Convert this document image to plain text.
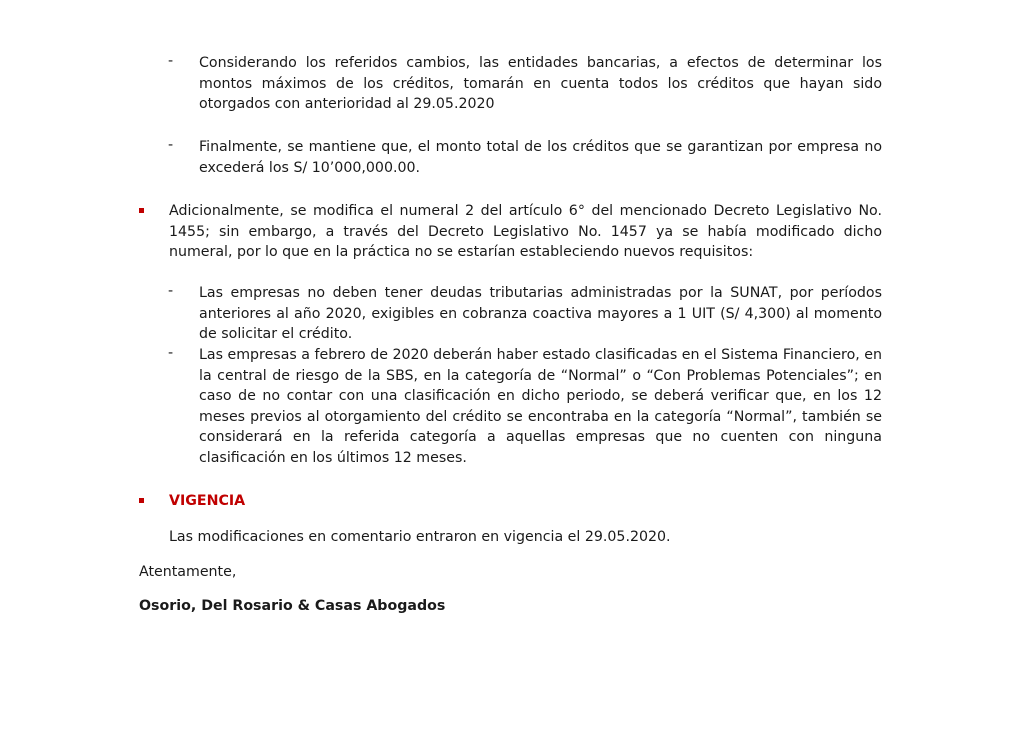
- Considerando los referidos cambios, las entidades bancarias, a efectos de determinar los montos máximos de los créditos, tomarán en cuenta todos los créditos que hayan sido otorgados con anterioridad al 29.05.2020
- Finalmente, se mantiene que, el monto total de los créditos que se garantizan por empresa no excederá los S/ 10’000,000.00.
Adicionalmente, se modifica el numeral 2 del artículo 6° del mencionado Decreto Legislativo No. 1455; sin embargo, a través del Decreto Legislativo No. 1457 ya se había modificado dicho numeral, por lo que en la práctica no se estarían estableciendo nuevos requisitos:
- Las empresas no deben tener deudas tributarias administradas por la SUNAT, por períodos anteriores al año 2020, exigibles en cobranza coactiva mayores a 1 UIT (S/ 4,300) al momento de solicitar el crédito.
- Las empresas a febrero de 2020 deberán haber estado clasificadas en el Sistema Financiero, en la central de riesgo de la SBS, en la categoría de “Normal” o “Con Problemas Potenciales”; en caso de no contar con una clasificación en dicho periodo, se deberá verificar que, en los 12 meses previos al otorgamiento del crédito se encontraba en la categoría “Normal”, también se considerará en la referida categoría a aquellas empresas que no cuenten con ninguna clasificación en los últimos 12 meses.
VIGENCIA
Las modificaciones en comentario entraron en vigencia el 29.05.2020.
Atentamente,
Osorio, Del Rosario & Casas Abogados
